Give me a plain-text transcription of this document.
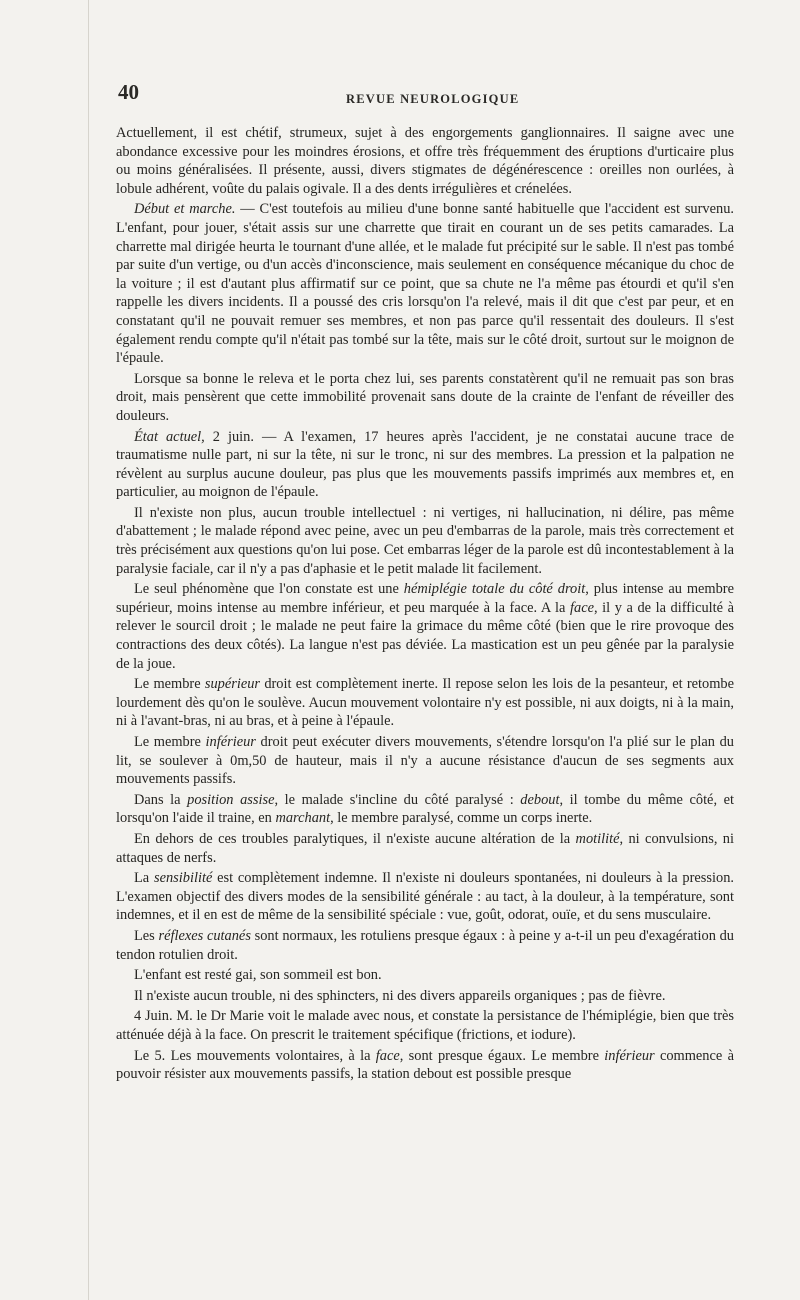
40	REVUE NEUROLOGIQUE

Actuellement, il est chétif, strumeux, sujet à des engorgements ganglionnaires. Il saigne avec une abondance excessive pour les moindres érosions, et offre très fréquemment des éruptions d'urticaire plus ou moins généralisées. Il présente, aussi, divers stigmates de dégénérescence : oreilles non ourlées, à lobule adhérent, voûte du palais ogivale. Il a des dents irrégulières et crénelées.

Début et marche. — C'est toutefois au milieu d'une bonne santé habituelle que l'accident est survenu. L'enfant, pour jouer, s'était assis sur une charrette que tirait en courant un de ses petits camarades. La charrette mal dirigée heurta le tournant d'une allée, et le malade fut précipité sur le sable. Il n'est pas tombé par suite d'un vertige, ou d'un accès d'inconscience, mais seulement en conséquence mécanique du choc de la voiture ; il est d'autant plus affirmatif sur ce point, que sa chute ne l'a même pas étourdi et qu'il s'en rappelle les divers incidents. Il a poussé des cris lorsqu'on l'a relevé, mais il dit que c'est par peur, et en constatant qu'il ne pouvait remuer ses membres, et non pas parce qu'il ressentait des douleurs. Il s'est également rendu compte qu'il n'était pas tombé sur la tête, mais sur le côté droit, surtout sur le moignon de l'épaule.

Lorsque sa bonne le releva et le porta chez lui, ses parents constatèrent qu'il ne remuait pas son bras droit, mais pensèrent que cette immobilité provenait sans doute de la crainte de l'enfant de réveiller des douleurs.

État actuel, 2 juin. — A l'examen, 17 heures après l'accident, je ne constatai aucune trace de traumatisme nulle part, ni sur la tête, ni sur le tronc, ni sur des membres. La pression et la palpation ne révèlent au surplus aucune douleur, pas plus que les mouvements passifs imprimés aux membres et, en particulier, au moignon de l'épaule.

Il n'existe non plus, aucun trouble intellectuel : ni vertiges, ni hallucination, ni délire, pas même d'abattement ; le malade répond avec peine, avec un peu d'embarras de la parole, mais très correctement et très précisément aux questions qu'on lui pose. Cet embarras léger de la parole est dû incontestablement à la paralysie faciale, car il n'y a pas d'aphasie et le petit malade lit facilement.

Le seul phénomène que l'on constate est une hémiplégie totale du côté droit, plus intense au membre supérieur, moins intense au membre inférieur, et peu marquée à la face. A la face, il y a de la difficulté à relever le sourcil droit ; le malade ne peut faire la grimace du même côté (bien que le rire provoque des contractions des deux côtés). La langue n'est pas déviée. La mastication est un peu gênée par la paralysie de la joue.

Le membre supérieur droit est complètement inerte. Il repose selon les lois de la pesanteur, et retombe lourdement dès qu'on le soulève. Aucun mouvement volontaire n'y est possible, ni aux doigts, ni à la main, ni à l'avant-bras, ni au bras, et à peine à l'épaule.

Le membre inférieur droit peut exécuter divers mouvements, s'étendre lorsqu'on l'a plié sur le plan du lit, se soulever à 0m,50 de hauteur, mais il n'y a aucune résistance d'aucun de ses segments aux mouvements passifs.

Dans la position assise, le malade s'incline du côté paralysé : debout, il tombe du même côté, et lorsqu'on l'aide il traine, en marchant, le membre paralysé, comme un corps inerte.

En dehors de ces troubles paralytiques, il n'existe aucune altération de la motilité, ni convulsions, ni attaques de nerfs.

La sensibilité est complètement indemne. Il n'existe ni douleurs spontanées, ni douleurs à la pression. L'examen objectif des divers modes de la sensibilité générale : au tact, à la douleur, à la température, sont indemnes, et il en est de même de la sensibilité spéciale : vue, goût, odorat, ouïe, et du sens musculaire.

Les réflexes cutanés sont normaux, les rotuliens presque égaux : à peine y a-t-il un peu d'exagération du tendon rotulien droit.

L'enfant est resté gai, son sommeil est bon.

Il n'existe aucun trouble, ni des sphincters, ni des divers appareils organiques ; pas de fièvre.

4 Juin. M. le Dr Marie voit le malade avec nous, et constate la persistance de l'hémiplégie, bien que très atténuée déjà à la face. On prescrit le traitement spécifique (frictions, et iodure).

Le 5. Les mouvements volontaires, à la face, sont presque égaux. Le membre inférieur commence à pouvoir résister aux mouvements passifs, la station debout est possible presque
